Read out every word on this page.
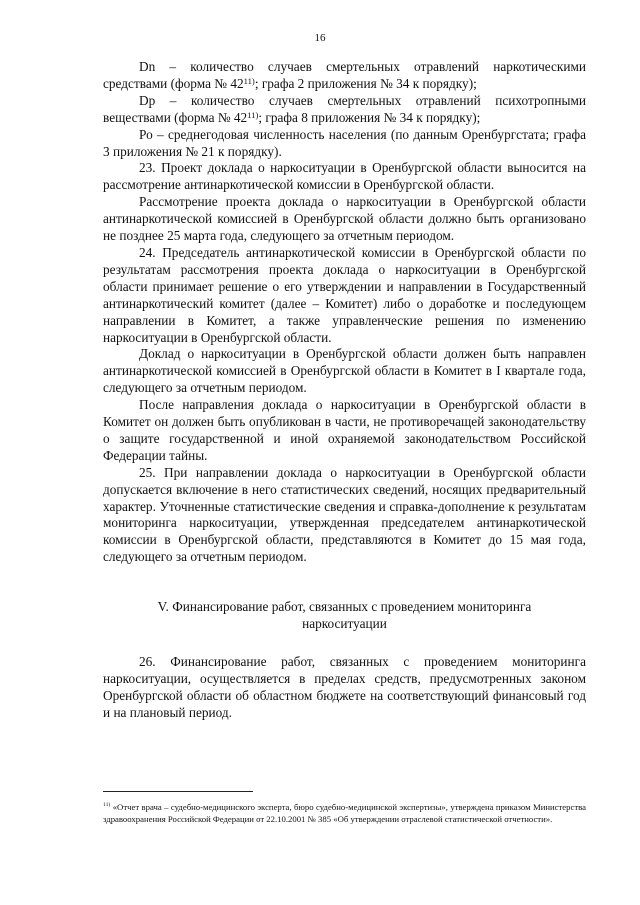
16

Dn – количество случаев смертельных отравлений наркотическими средствами (форма № 42$^{11)}$; графа 2 приложения № 34 к порядку);

Dp – количество случаев смертельных отравлений психотропными веществами (форма № 42$^{11)}$; графа 8 приложения № 34 к порядку);

Ро – среднегодовая численность населения (по данным Оренбургстата; графа 3 приложения № 21 к порядку).

23. Проект доклада о наркоситуации в Оренбургской области выносится на рассмотрение антинаркотической комиссии в Оренбургской области.

Рассмотрение проекта доклада о наркоситуации в Оренбургской области антинаркотической комиссией в Оренбургской области должно быть организовано не позднее 25 марта года, следующего за отчетным периодом.

24. Председатель антинаркотической комиссии в Оренбургской области по результатам рассмотрения проекта доклада о наркоситуации в Оренбургской области принимает решение о его утверждении и направлении в Государственный антинаркотический комитет (далее – Комитет) либо о доработке и последующем направлении в Комитет, а также управленческие решения по изменению наркоситуации в Оренбургской области.

Доклад о наркоситуации в Оренбургской области должен быть направлен антинаркотической комиссией в Оренбургской области в Комитет в I квартале года, следующего за отчетным периодом.

После направления доклада о наркоситуации в Оренбургской области в Комитет он должен быть опубликован в части, не противоречащей законодательству о защите государственной и иной охраняемой законодательством Российской Федерации тайны.

25. При направлении доклада о наркоситуации в Оренбургской области допускается включение в него статистических сведений, носящих предварительный характер. Уточненные статистические сведения и справка-дополнение к результатам мониторинга наркоситуации, утвержденная председателем антинаркотической комиссии в Оренбургской области, представляются в Комитет до 15 мая года, следующего за отчетным периодом.

V. Финансирование работ, связанных с проведением мониторинга
наркоситуации

26. Финансирование работ, связанных с проведением мониторинга наркоситуации, осуществляется в пределах средств, предусмотренных законом Оренбургской области об областном бюджете на соответствующий финансовый год и на плановый период.

$^{11)}$ «Отчет врача – судебно-медицинского эксперта, бюро судебно-медицинской экспертизы», утверждена приказом Министерства здравоохранения Российской Федерации от 22.10.2001 № 385 «Об утверждении отраслевой статистической отчетности».
